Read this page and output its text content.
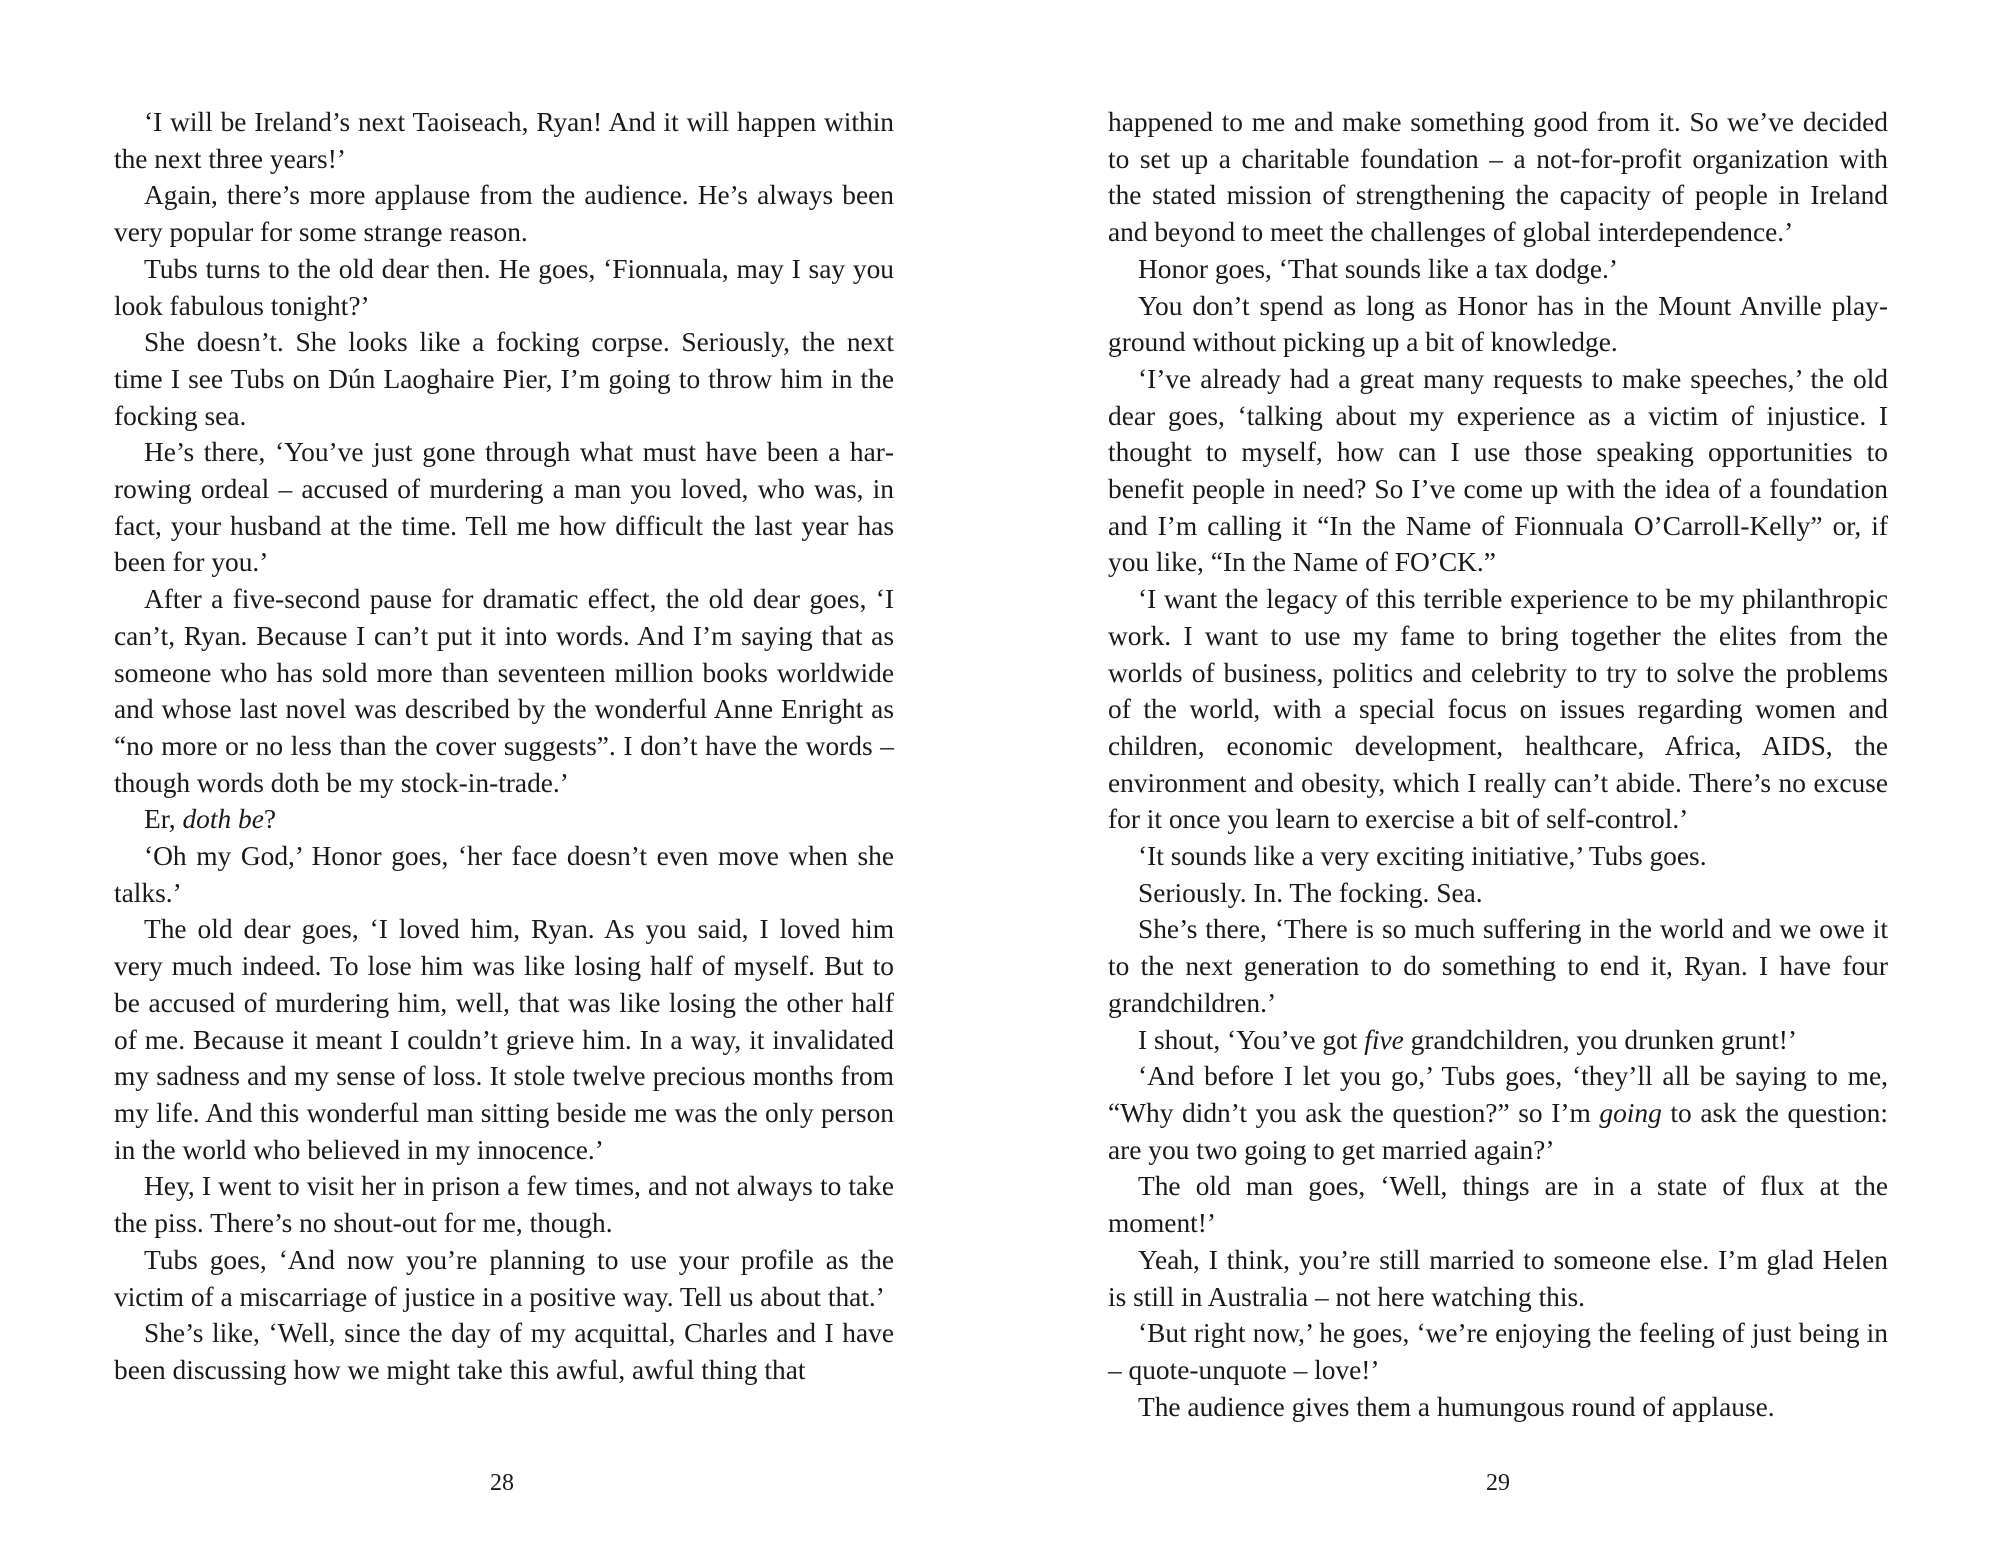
‘I will be Ireland’s next Taoiseach, Ryan! And it will happen within the next three years!’

Again, there’s more applause from the audience. He’s always been very popular for some strange reason.

Tubs turns to the old dear then. He goes, ‘Fionnuala, may I say you look fabulous tonight?’

She doesn’t. She looks like a focking corpse. Seriously, the next time I see Tubs on Dún Laoghaire Pier, I’m going to throw him in the focking sea.

He’s there, ‘You’ve just gone through what must have been a harrowing ordeal – accused of murdering a man you loved, who was, in fact, your husband at the time. Tell me how difficult the last year has been for you.’

After a five-second pause for dramatic effect, the old dear goes, ‘I can’t, Ryan. Because I can’t put it into words. And I’m saying that as someone who has sold more than seventeen million books worldwide and whose last novel was described by the wonderful Anne Enright as “no more or no less than the cover suggests”. I don’t have the words – though words doth be my stock-in-trade.’

Er, doth be?

‘Oh my God,’ Honor goes, ‘her face doesn’t even move when she talks.’

The old dear goes, ‘I loved him, Ryan. As you said, I loved him very much indeed. To lose him was like losing half of myself. But to be accused of murdering him, well, that was like losing the other half of me. Because it meant I couldn’t grieve him. In a way, it invalidated my sadness and my sense of loss. It stole twelve precious months from my life. And this wonderful man sitting beside me was the only person in the world who believed in my innocence.’

Hey, I went to visit her in prison a few times, and not always to take the piss. There’s no shout-out for me, though.

Tubs goes, ‘And now you’re planning to use your profile as the victim of a miscarriage of justice in a positive way. Tell us about that.’

She’s like, ‘Well, since the day of my acquittal, Charles and I have been discussing how we might take this awful, awful thing that

28

happened to me and make something good from it. So we’ve decided to set up a charitable foundation – a not-for-profit organization with the stated mission of strengthening the capacity of people in Ireland and beyond to meet the challenges of global interdependence.’

Honor goes, ‘That sounds like a tax dodge.’

You don’t spend as long as Honor has in the Mount Anville playground without picking up a bit of knowledge.

‘I’ve already had a great many requests to make speeches,’ the old dear goes, ‘talking about my experience as a victim of injustice. I thought to myself, how can I use those speaking opportunities to benefit people in need? So I’ve come up with the idea of a foundation and I’m calling it “In the Name of Fionnuala O’Carroll-Kelly” or, if you like, “In the Name of FO’CK.”

‘I want the legacy of this terrible experience to be my philanthropic work. I want to use my fame to bring together the elites from the worlds of business, politics and celebrity to try to solve the problems of the world, with a special focus on issues regarding women and children, economic development, healthcare, Africa, AIDS, the environment and obesity, which I really can’t abide. There’s no excuse for it once you learn to exercise a bit of self-control.’

‘It sounds like a very exciting initiative,’ Tubs goes.

Seriously. In. The focking. Sea.

She’s there, ‘There is so much suffering in the world and we owe it to the next generation to do something to end it, Ryan. I have four grandchildren.’

I shout, ‘You’ve got five grandchildren, you drunken grunt!’

‘And before I let you go,’ Tubs goes, ‘they’ll all be saying to me, “Why didn’t you ask the question?” so I’m going to ask the question: are you two going to get married again?’

The old man goes, ‘Well, things are in a state of flux at the moment!’

Yeah, I think, you’re still married to someone else. I’m glad Helen is still in Australia – not here watching this.

‘But right now,’ he goes, ‘we’re enjoying the feeling of just being in – quote-unquote – love!’

The audience gives them a humungous round of applause.

29
